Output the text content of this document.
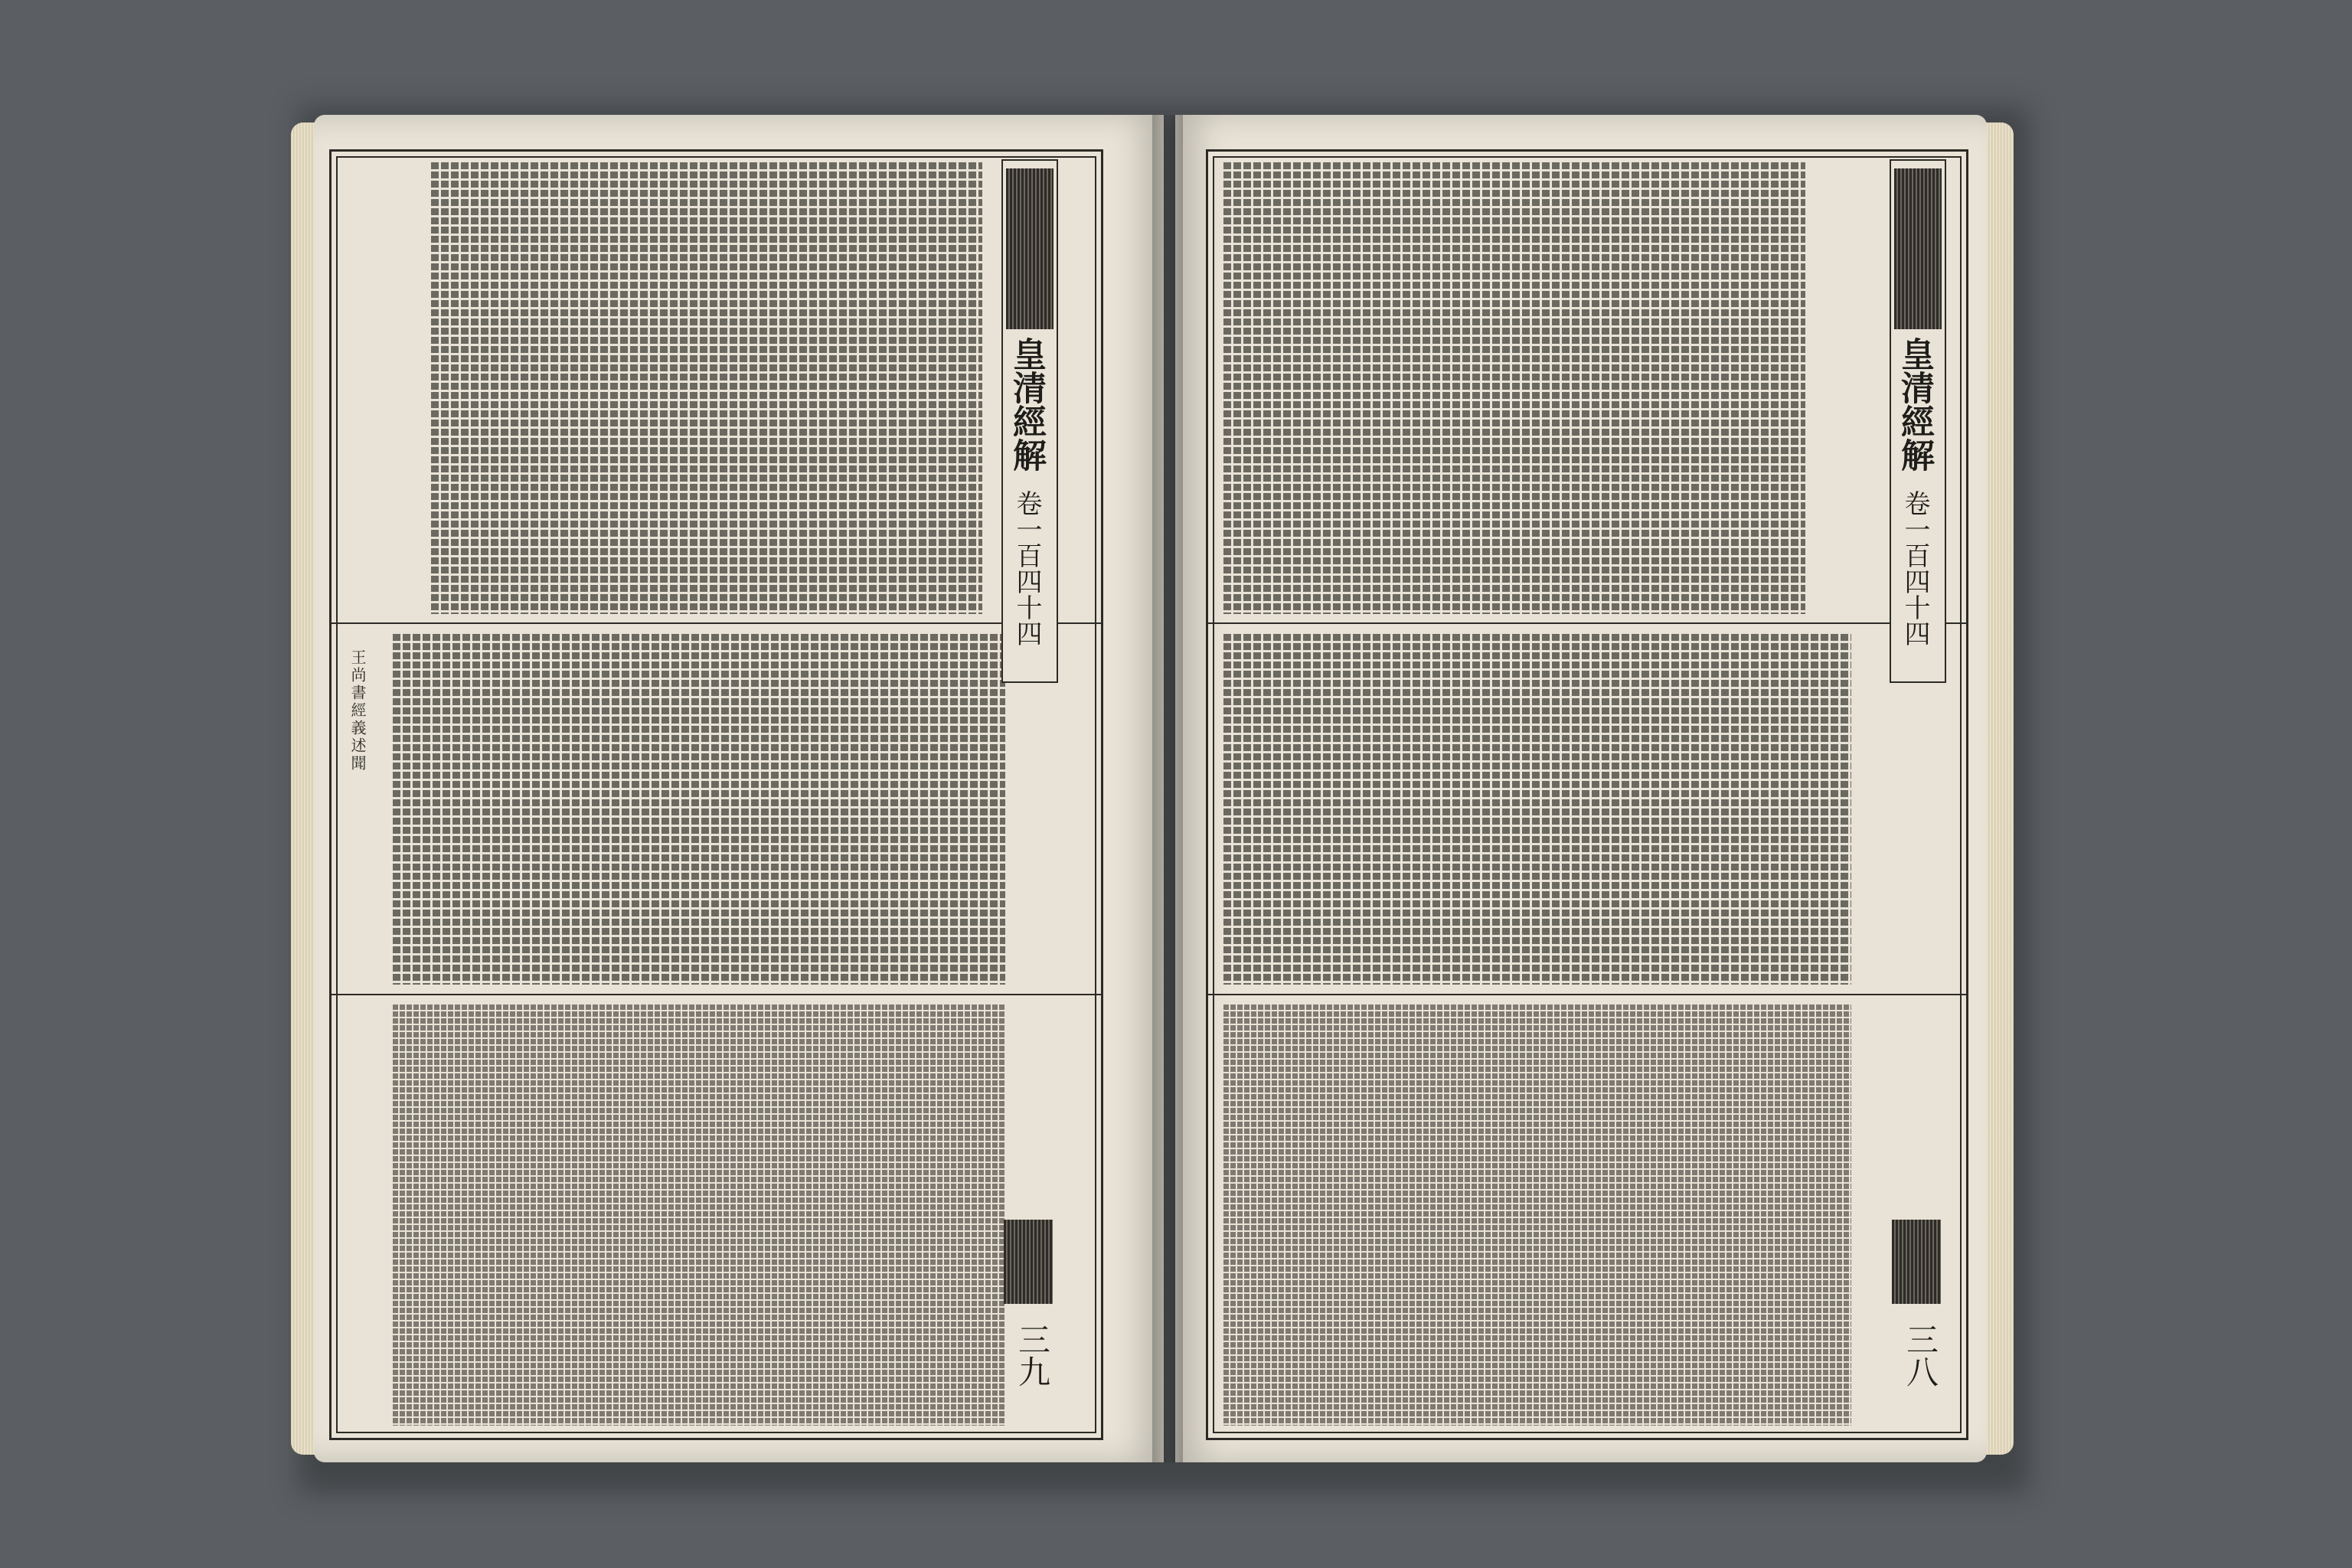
皇清經解
卷一百四十四
王尚書經義述聞
三九
皇清經解
卷一百四十四
三八
